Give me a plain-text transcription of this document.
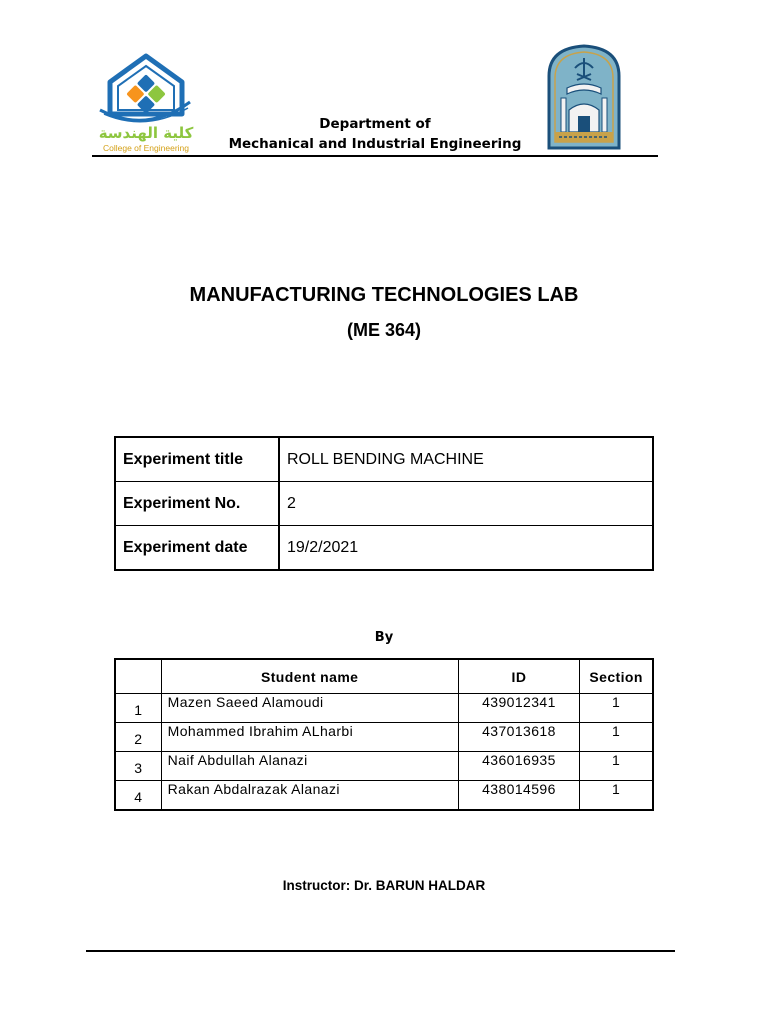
كلية الهندسة
College of Engineering
Department of
Mechanical and Industrial Engineering
MANUFACTURING TECHNOLOGIES LAB
(ME 364)
Experiment title	ROLL BENDING MACHINE
Experiment No.	2
Experiment date	19/2/2021
By
	Student name	ID	Section
1	Mazen Saeed Alamoudi	439012341	1
2	Mohammed Ibrahim ALharbi	437013618	1
3	Naif Abdullah Alanazi	436016935	1
4	Rakan Abdalrazak Alanazi	438014596	1
Instructor: Dr. BARUN HALDAR
